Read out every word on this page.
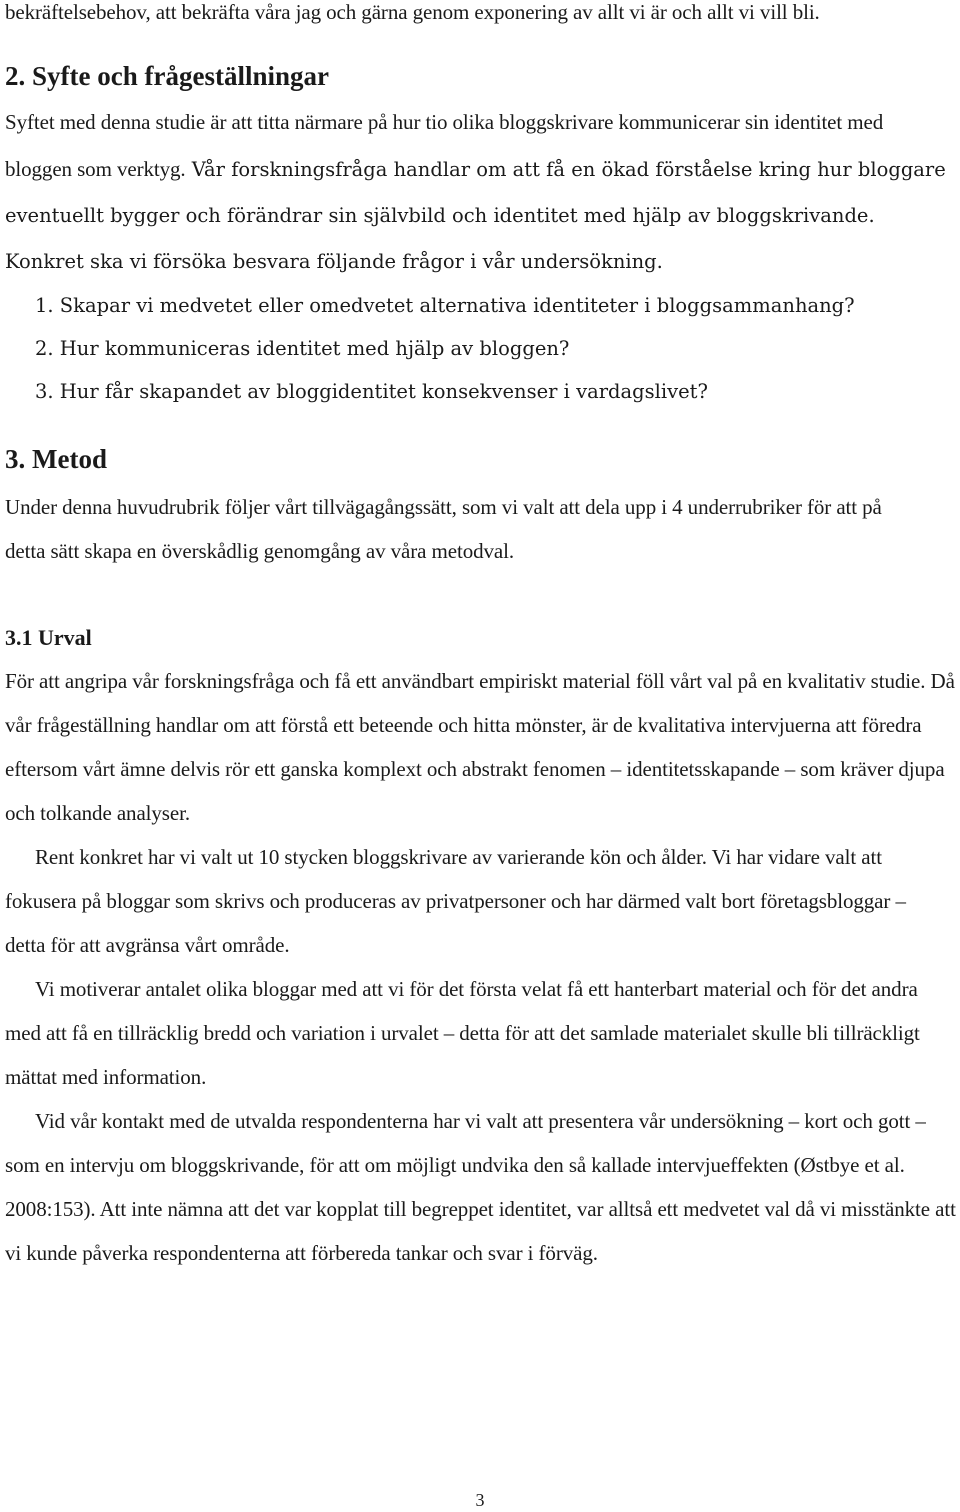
bekräftelsebehov, att bekräfta våra jag och gärna genom exponering av allt vi är och allt vi vill bli.

2. Syfte och frågeställningar

Syftet med denna studie är att titta närmare på hur tio olika bloggskrivare kommunicerar sin identitet med bloggen som verktyg. Vår forskningsfråga handlar om att få en ökad förståelse kring hur bloggare eventuellt bygger och förändrar sin självbild och identitet med hjälp av bloggskrivande. Konkret ska vi försöka besvara följande frågor i vår undersökning.

1. Skapar vi medvetet eller omedvetet alternativa identiteter i bloggsammanhang?

2. Hur kommuniceras identitet med hjälp av bloggen?

3. Hur får skapandet av bloggidentitet konsekvenser i vardagslivet?

3. Metod

Under denna huvudrubrik följer vårt tillvägagångssätt, som vi valt att dela upp i 4 underrubriker för att på detta sätt skapa en överskådlig genomgång av våra metodval.

3.1 Urval

För att angripa vår forskningsfråga och få ett användbart empiriskt material föll vårt val på en kvalitativ studie. Då vår frågeställning handlar om att förstå ett beteende och hitta mönster, är de kvalitativa intervjuerna att föredra eftersom vårt ämne delvis rör ett ganska komplext och abstrakt fenomen – identitetsskapande – som kräver djupa och tolkande analyser.

Rent konkret har vi valt ut 10 stycken bloggskrivare av varierande kön och ålder. Vi har vidare valt att fokusera på bloggar som skrivs och produceras av privatpersoner och har därmed valt bort företagsbloggar – detta för att avgränsa vårt område.

Vi motiverar antalet olika bloggar med att vi för det första velat få ett hanterbart material och för det andra med att få en tillräcklig bredd och variation i urvalet – detta för att det samlade materialet skulle bli tillräckligt mättat med information.

Vid vår kontakt med de utvalda respondenterna har vi valt att presentera vår undersökning – kort och gott – som en intervju om bloggskrivande, för att om möjligt undvika den så kallade intervjueffekten (Østbye et al. 2008:153). Att inte nämna att det var kopplat till begreppet identitet, var alltså ett medvetet val då vi misstänkte att vi kunde påverka respondenterna att förbereda tankar och svar i förväg.

3
